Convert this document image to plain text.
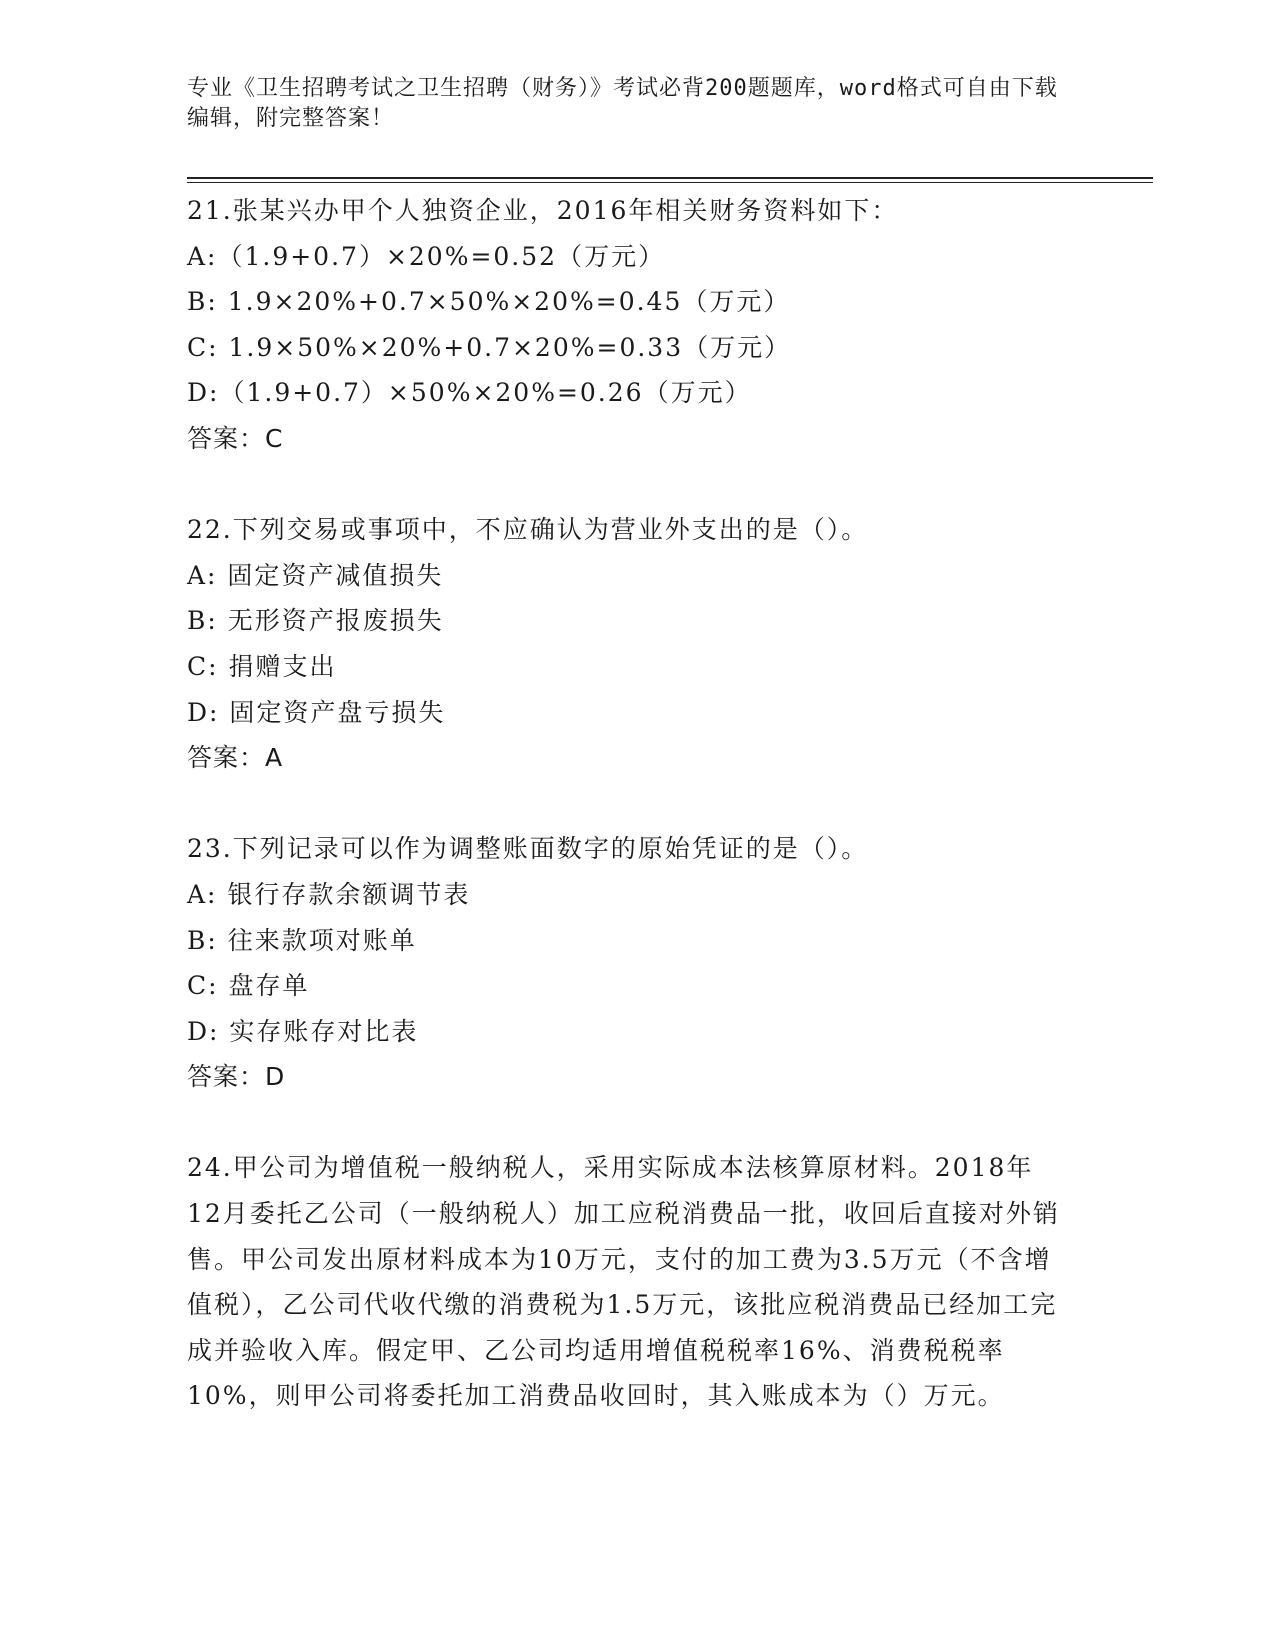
专业《卫生招聘考试之卫生招聘（财务）》考试必背200题题库，word格式可自由下载编辑，附完整答案！
21.张某兴办甲个人独资企业，2016年相关财务资料如下：
A:（1.9+0.7）×20%=0.52（万元）
B: 1.9×20%+0.7×50%×20%=0.45（万元）
C: 1.9×50%×20%+0.7×20%=0.33（万元）
D:（1.9+0.7）×50%×20%=0.26（万元）
答案：C
22.下列交易或事项中，不应确认为营业外支出的是（）。
A: 固定资产减值损失
B: 无形资产报废损失
C: 捐赠支出
D: 固定资产盘亏损失
答案：A
23.下列记录可以作为调整账面数字的原始凭证的是（）。
A: 银行存款余额调节表
B: 往来款项对账单
C: 盘存单
D: 实存账存对比表
答案：D
24.甲公司为增值税一般纳税人，采用实际成本法核算原材料。2018年12月委托乙公司（一般纳税人）加工应税消费品一批，收回后直接对外销售。甲公司发出原材料成本为10万元，支付的加工费为3.5万元（不含增值税），乙公司代收代缴的消费税为1.5万元，该批应税消费品已经加工完成并验收入库。假定甲、乙公司均适用增值税税率16%、消费税税率10%，则甲公司将委托加工消费品收回时，其入账成本为（）万元。
